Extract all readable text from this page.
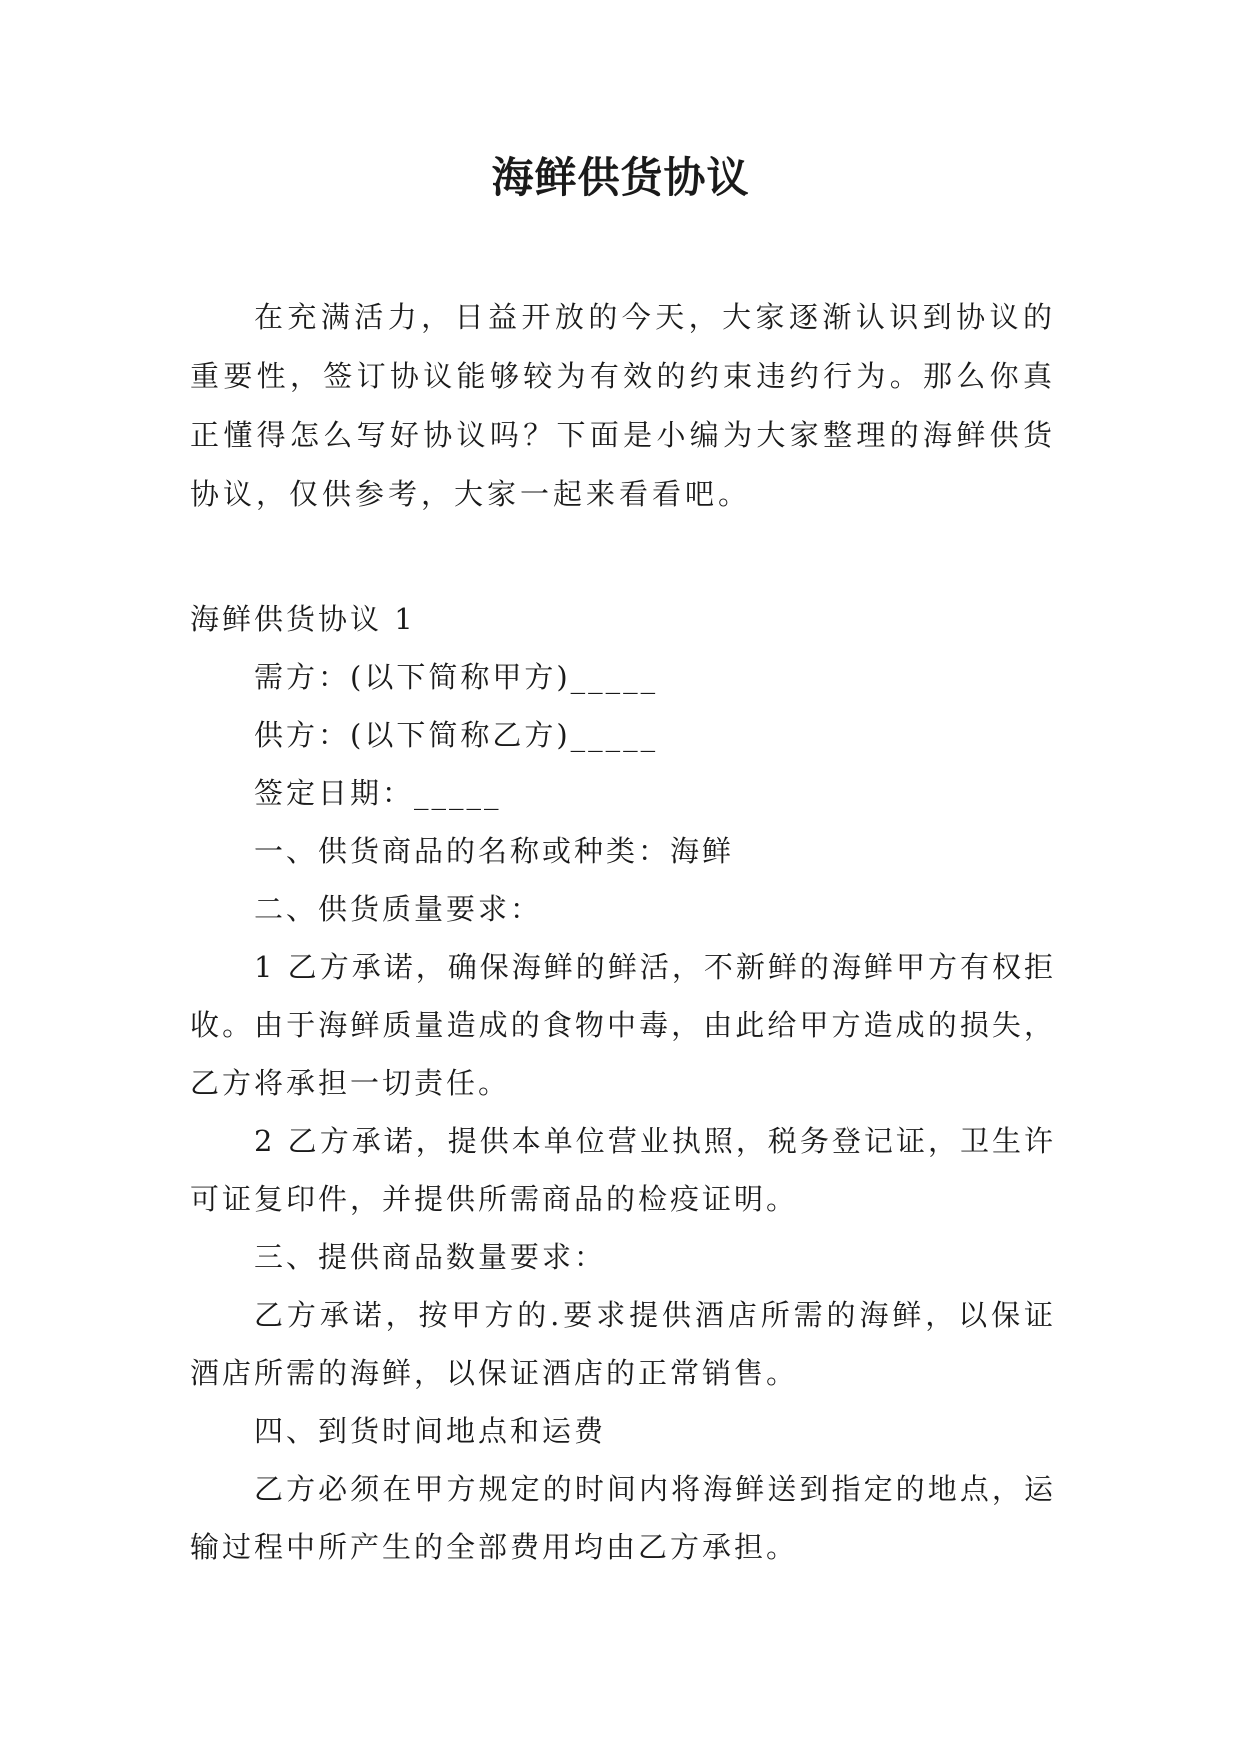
海鲜供货协议

在充满活力，日益开放的今天，大家逐渐认识到协议的重要性，签订协议能够较为有效的约束违约行为。那么你真正懂得怎么写好协议吗？下面是小编为大家整理的海鲜供货协议，仅供参考，大家一起来看看吧。

海鲜供货协议 1

需方：(以下简称甲方)_____

供方：(以下简称乙方)_____

签定日期：_____

一、供货商品的名称或种类：海鲜

二、供货质量要求：

1 乙方承诺，确保海鲜的鲜活，不新鲜的海鲜甲方有权拒收。由于海鲜质量造成的食物中毒，由此给甲方造成的损失，乙方将承担一切责任。

2 乙方承诺，提供本单位营业执照，税务登记证，卫生许可证复印件，并提供所需商品的检疫证明。

三、提供商品数量要求：

乙方承诺，按甲方的.要求提供酒店所需的海鲜，以保证酒店所需的海鲜，以保证酒店的正常销售。

四、到货时间地点和运费

乙方必须在甲方规定的时间内将海鲜送到指定的地点，运输过程中所产生的全部费用均由乙方承担。
